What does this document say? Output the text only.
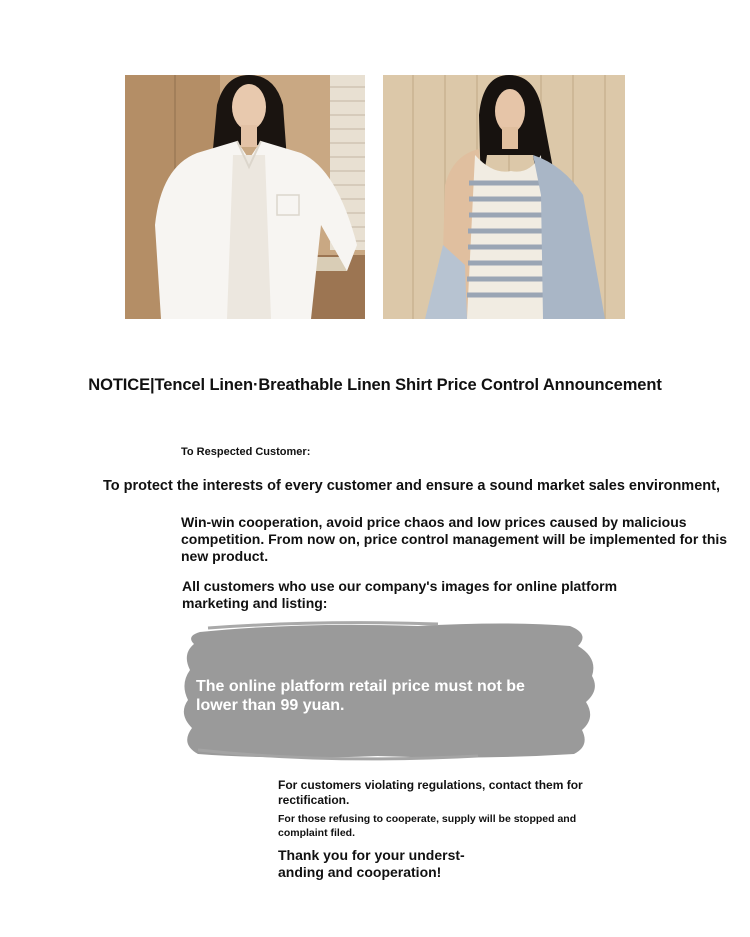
NOTICE|Tencel Linen·Breathable Linen Shirt Price Control Announcement

To Respected Customer:

To protect the interests of every customer and ensure a sound market sales environment,

Win-win cooperation, avoid price chaos and low prices caused by malicious competition. From now on, price control management will be implemented for this new product.

All customers who use our company's images for online platform marketing and listing:

The online platform retail price must not be lower than 99 yuan.

For customers violating regulations, contact them for rectification.

For those refusing to cooperate, supply will be stopped and complaint filed.

Thank you for your underst-
anding and cooperation!
